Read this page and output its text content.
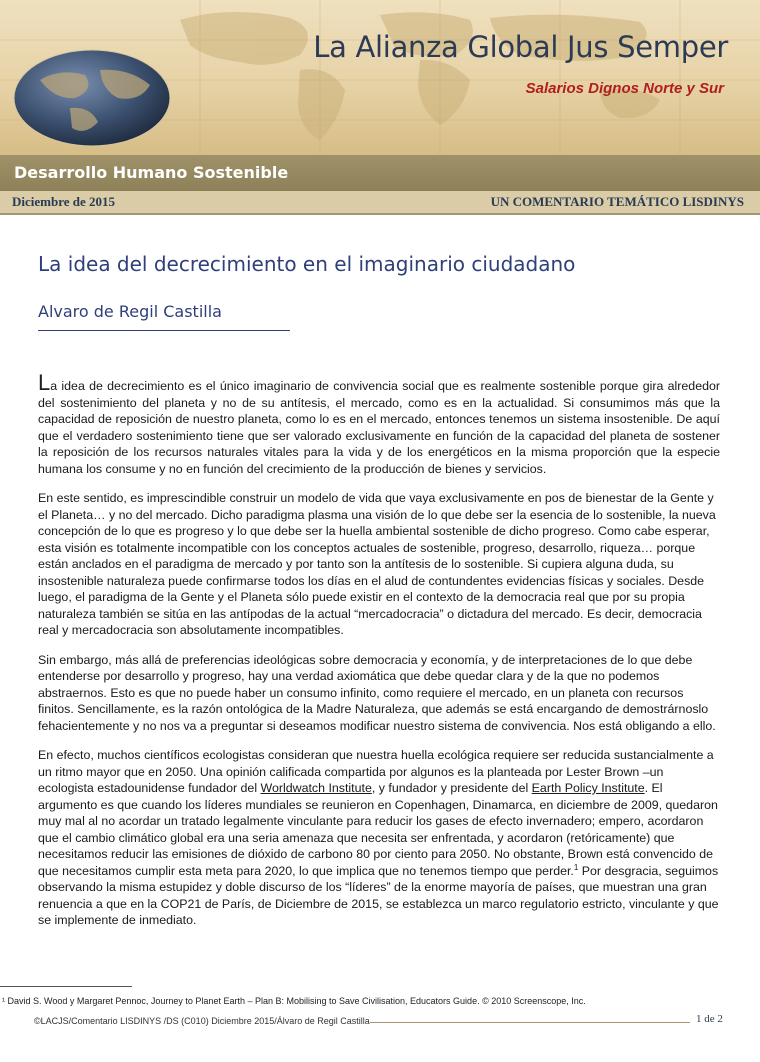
La Alianza Global Jus Semper
Salarios Dignos Norte y Sur
Desarrollo Humano Sostenible
Diciembre de 2015	UN COMENTARIO TEMÁTICO LISDINYS
La idea del decrecimiento en el imaginario ciudadano
Alvaro de Regil Castilla

La idea de decrecimiento es el único imaginario de convivencia social que es realmente sostenible porque gira alrededor del sostenimiento del planeta y no de su antítesis, el mercado, como es en la actualidad. Si consumimos más que la capacidad de reposición de nuestro planeta, como lo es en el mercado, entonces tenemos un sistema insostenible. De aquí que el verdadero sostenimiento tiene que ser valorado exclusivamente en función de la capacidad del planeta de sostener la reposición de los recursos naturales vitales para la vida y de los energéticos en la misma proporción que la especie humana los consume y no en función del crecimiento de la producción de bienes y servicios.

En este sentido, es imprescindible construir un modelo de vida que vaya exclusivamente en pos de bienestar de la Gente y el Planeta… y no del mercado. Dicho paradigma plasma una visión de lo que debe ser la esencia de lo sostenible, la nueva concepción de lo que es progreso y lo que debe ser la huella ambiental sostenible de dicho progreso. Como cabe esperar, esta visión es totalmente incompatible con los conceptos actuales de sostenible, progreso, desarrollo, riqueza… porque están anclados en el paradigma de mercado y por tanto son la antítesis de lo sostenible. Si cupiera alguna duda, su insostenible naturaleza puede confirmarse todos los días en el alud de contundentes evidencias físicas y sociales. Desde luego, el paradigma de la Gente y el Planeta sólo puede existir en el contexto de la democracia real que por su propia naturaleza también se sitúa en las antípodas de la actual “mercadocracia” o dictadura del mercado. Es decir, democracia real y mercadocracia son absolutamente incompatibles.

Sin embargo, más allá de preferencias ideológicas sobre democracia y economía, y de interpretaciones de lo que debe entenderse por desarrollo y progreso, hay una verdad axiomática que debe quedar clara y de la que no podemos abstraernos. Esto es que no puede haber un consumo infinito, como requiere el mercado, en un planeta con recursos finitos. Sencillamente, es la razón ontológica de la Madre Naturaleza, que además se está encargando de demostrárnoslo fehacientemente y no nos va a preguntar si deseamos modificar nuestro sistema de convivencia. Nos está obligando a ello.

En efecto, muchos científicos ecologistas consideran que nuestra huella ecológica requiere ser reducida sustancialmente a un ritmo mayor que en 2050. Una opinión calificada compartida por algunos es la planteada por Lester Brown –un ecologista estadounidense fundador del Worldwatch Institute, y fundador y presidente del Earth Policy Institute. El argumento es que cuando los líderes mundiales se reunieron en Copenhagen, Dinamarca, en diciembre de 2009, quedaron muy mal al no acordar un tratado legalmente vinculante para reducir los gases de efecto invernadero; empero, acordaron que el cambio climático global era una seria amenaza que necesita ser enfrentada, y acordaron (retóricamente) que necesitamos reducir las emisiones de dióxido de carbono 80 por ciento para 2050. No obstante, Brown está convencido de que necesitamos cumplir esta meta para 2020, lo que implica que no tenemos tiempo que perder.$^1$ Por desgracia, seguimos observando la misma estupidez y doble discurso de los “líderes” de la enorme mayoría de países, que muestran una gran renuencia a que en la COP21 de París, de Diciembre de 2015, se establezca un marco regulatorio estricto, vinculante y que se implemente de inmediato.

¹ David S. Wood y Margaret Pennoc, Journey to Planet Earth – Plan B: Mobilising to Save Civilisation, Educators Guide. © 2010 Screenscope, Inc.
©LACJS/Comentario LISDINYS /DS (C010) Diciembre 2015/Álvaro de Regil Castilla	1 de 2
